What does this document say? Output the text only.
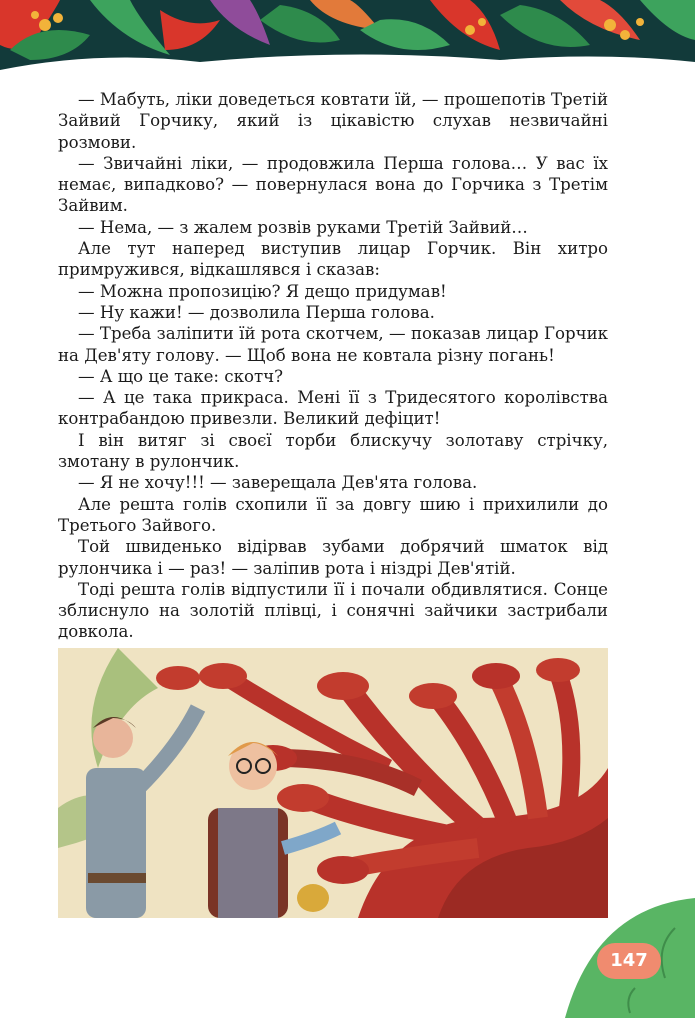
— Мабуть, ліки доведеться ковтати їй, — прошепотів Третій Зайвий Горчику, який із цікавістю слухав незвичайні розмови.

— Звичайні ліки, — продовжила Перша голова… У вас їх немає, випадково? — повернулася вона до Горчика з Третім Зайвим.

— Нема, — з жалем розвів руками Третій Зайвий…

Але тут наперед виступив лицар Горчик. Він хитро примружився, відкашлявся і сказав:

— Можна пропозицію? Я дещо придумав!

— Ну кажи! — дозволила Перша голова.

— Треба заліпити їй рота скотчем, — показав лицар Горчик на Дев'яту голову. — Щоб вона не ковтала різну погань!

— А що це таке: скотч?

— А це така прикраса. Мені її з Тридесятого королівства контрабандою привезли. Великий дефіцит!

І він витяг зі своєї торби блискучу золотаву стрічку, змотану в рулончик.

— Я не хочу!!! — заверещала Дев'ята голова.

Але решта голів схопили її за довгу шию і прихилили до Третього Зайвого.

Той швиденько відірвав зубами добрячий шматок від рулончика і — раз! — заліпив рота і ніздрі Дев'ятій.

Тоді решта голів відпустили її і почали обдивлятися. Сонце зблиснуло на золотій плівці, і сонячні зайчики застрибали довкола.

147
